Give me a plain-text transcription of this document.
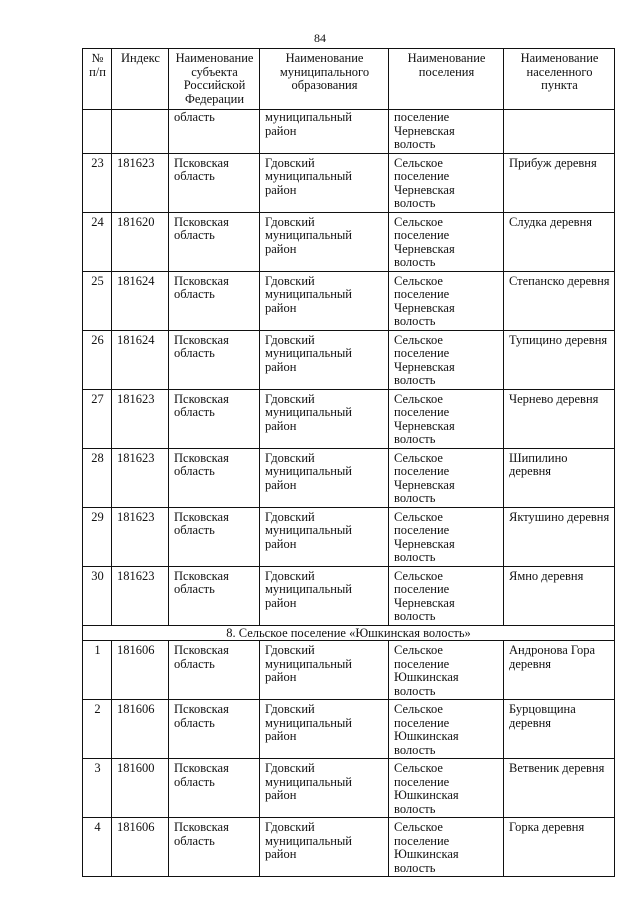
84
№ п/п	Индекс	Наименование субъекта Российской Федерации	Наименование муниципального образования	Наименование поселения	Наименование населенного пункта
		область	муниципальный район	поселение Черневская волость	
23	181623	Псковская область	Гдовский муниципальный район	Сельское поселение Черневская волость	Прибуж деревня
24	181620	Псковская область	Гдовский муниципальный район	Сельское поселение Черневская волость	Слудка деревня
25	181624	Псковская область	Гдовский муниципальный район	Сельское поселение Черневская волость	Степанско деревня
26	181624	Псковская область	Гдовский муниципальный район	Сельское поселение Черневская волость	Тупицино деревня
27	181623	Псковская область	Гдовский муниципальный район	Сельское поселение Черневская волость	Чернево деревня
28	181623	Псковская область	Гдовский муниципальный район	Сельское поселение Черневская волость	Шипилино деревня
29	181623	Псковская область	Гдовский муниципальный район	Сельское поселение Черневская волость	Яктушино деревня
30	181623	Псковская область	Гдовский муниципальный район	Сельское поселение Черневская волость	Ямно деревня
8. Сельское поселение «Юшкинская волость»					
1	181606	Псковская область	Гдовский муниципальный район	Сельское поселение Юшкинская волость	Андронова Гора деревня
2	181606	Псковская область	Гдовский муниципальный район	Сельское поселение Юшкинская волость	Бурцовщина деревня
3	181600	Псковская область	Гдовский муниципальный район	Сельское поселение Юшкинская волость	Ветвеник деревня
4	181606	Псковская область	Гдовский муниципальный район	Сельское поселение Юшкинская волость	Горка деревня
